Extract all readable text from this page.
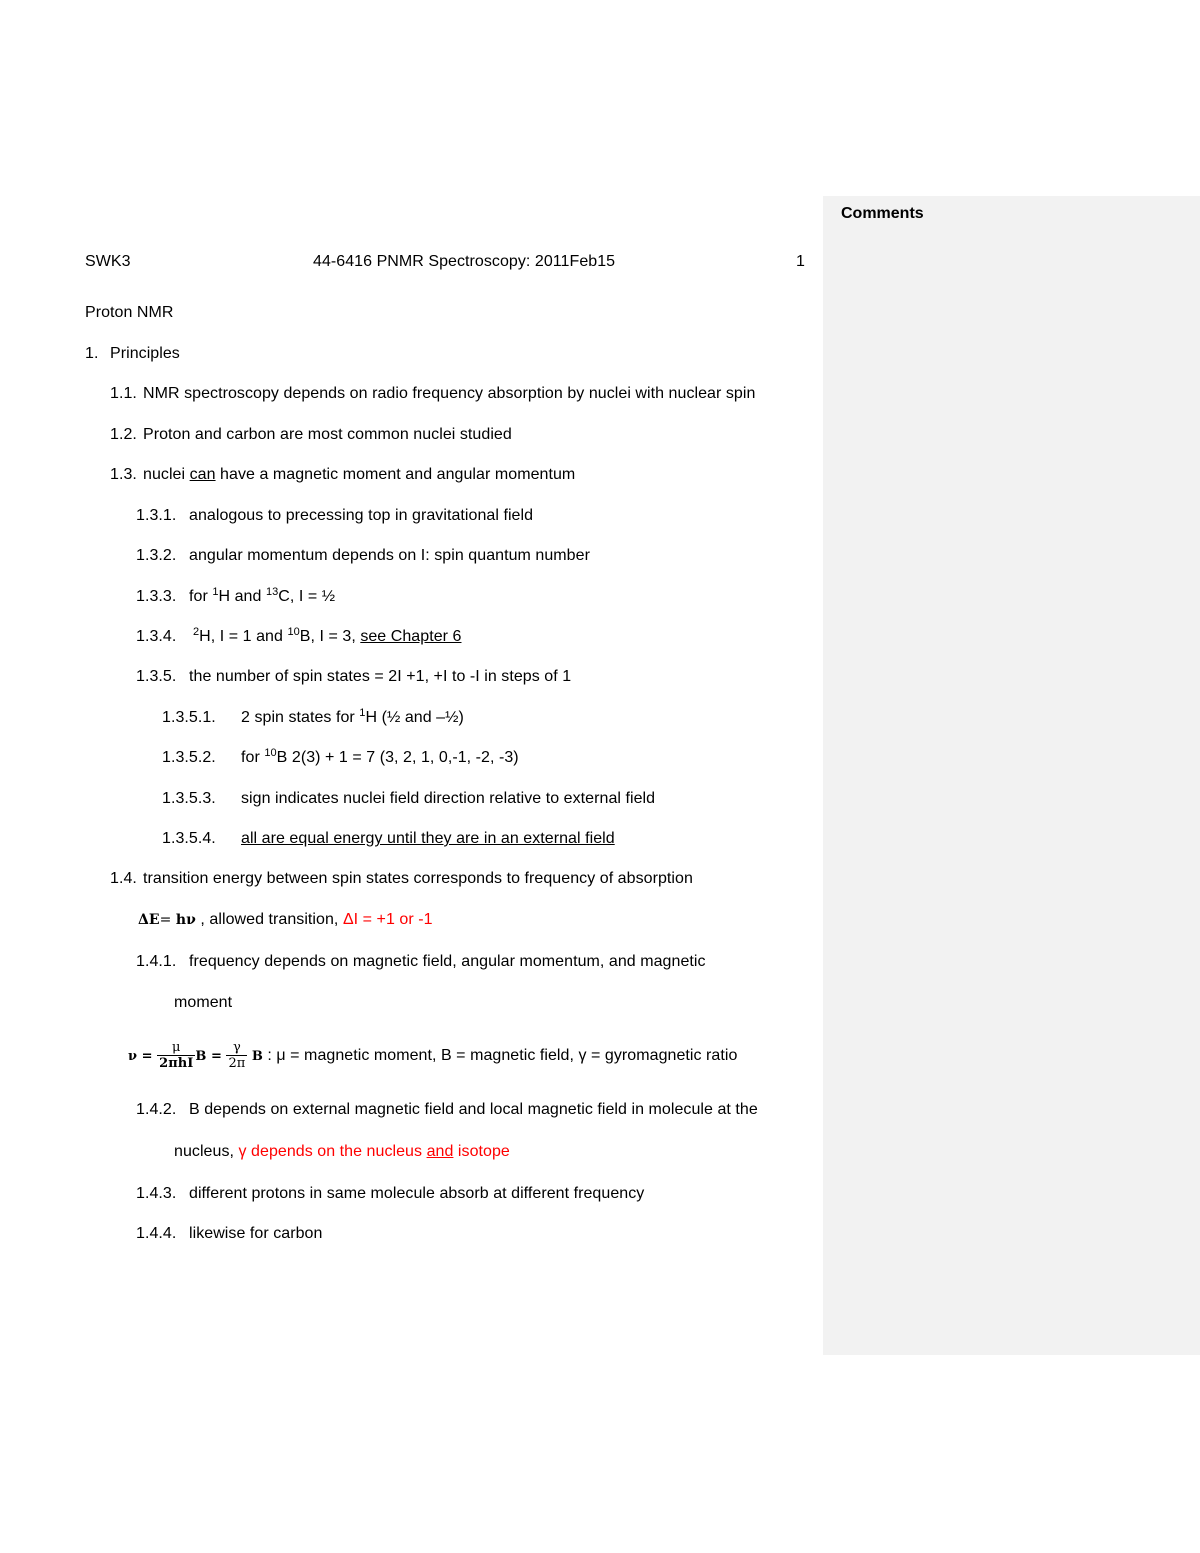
Comments
SWK3	44-6416 PNMR Spectroscopy: 2011Feb15	1
Proton NMR
1. Principles
1.1. NMR spectroscopy depends on radio frequency absorption by nuclei with nuclear spin
1.2. Proton and carbon are most common nuclei studied
1.3. nuclei can have a magnetic moment and angular momentum
1.3.1. analogous to precessing top in gravitational field
1.3.2. angular momentum depends on I: spin quantum number
1.3.3. for $^1$H and $^{13}$C, I = ½
1.3.4. $^2$H, I = 1 and $^{10}$B, I = 3, see Chapter 6
1.3.5. the number of spin states = 2I +1, +I to -I in steps of 1
1.3.5.1. 2 spin states for $^1$H (½ and –½)
1.3.5.2. for $^{10}$B 2(3) + 1 = 7 (3, 2, 1, 0,-1, -2, -3)
1.3.5.3. sign indicates nuclei field direction relative to external field
1.3.5.4. all are equal energy until they are in an external field
1.4. transition energy between spin states corresponds to frequency of absorption
ΔE= hν , allowed transition, ΔI = +1 or -1
1.4.1. frequency depends on magnetic field, angular momentum, and magnetic
moment
$\nu = \frac{\mu}{\text{2πhI}}$ $B = \frac{\gamma}{2\pi}$ B : μ = magnetic moment, B = magnetic field, γ = gyromagnetic ratio
1.4.2. B depends on external magnetic field and local magnetic field in molecule at the
nucleus, γ depends on the nucleus and isotope
1.4.3. different protons in same molecule absorb at different frequency
1.4.4. likewise for carbon
